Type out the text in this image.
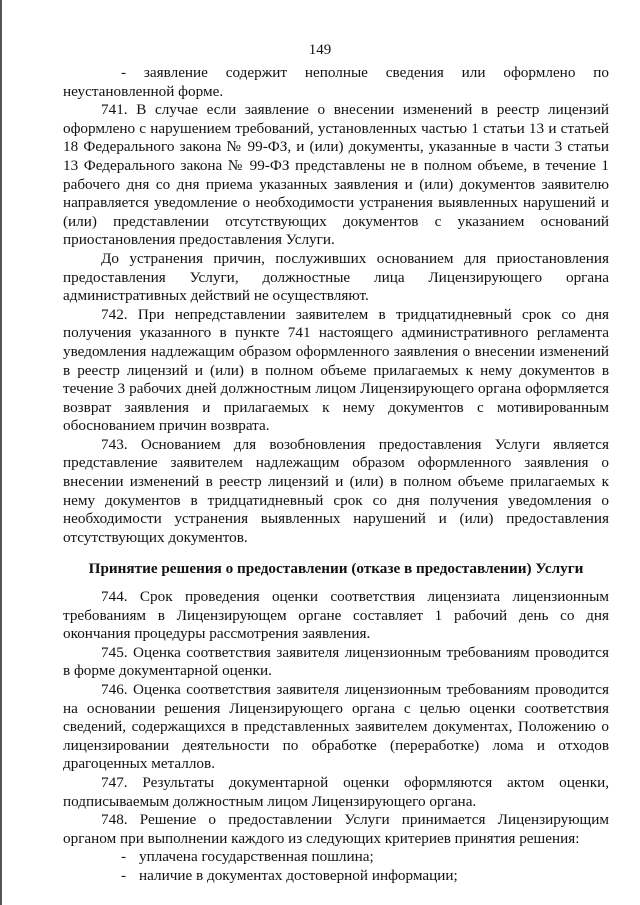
149

- заявление содержит неполные сведения или оформлено по неустановленной форме.

741. В случае если заявление о внесении изменений в реестр лицензий оформлено с нарушением требований, установленных частью 1 статьи 13 и статьей 18 Федерального закона № 99-ФЗ, и (или) документы, указанные в части 3 статьи 13 Федерального закона № 99-ФЗ представлены не в полном объеме, в течение 1 рабочего дня со дня приема указанных заявления и (или) документов заявителю направляется уведомление о необходимости устранения выявленных нарушений и (или) представлении отсутствующих документов с указанием оснований приостановления предоставления Услуги.

До устранения причин, послуживших основанием для приостановления предоставления Услуги, должностные лица Лицензирующего органа административных действий не осуществляют.

742. При непредставлении заявителем в тридцатидневный срок со дня получения указанного в пункте 741 настоящего административного регламента уведомления надлежащим образом оформленного заявления о внесении изменений в реестр лицензий и (или) в полном объеме прилагаемых к нему документов в течение 3 рабочих дней должностным лицом Лицензирующего органа оформляется возврат заявления и прилагаемых к нему документов с мотивированным обоснованием причин возврата.

743. Основанием для возобновления предоставления Услуги является представление заявителем надлежащим образом оформленного заявления о внесении изменений в реестр лицензий и (или) в полном объеме прилагаемых к нему документов в тридцатидневный срок со дня получения уведомления о необходимости устранения выявленных нарушений и (или) предоставления отсутствующих документов.

Принятие решения о предоставлении (отказе в предоставлении) Услуги

744. Срок проведения оценки соответствия лицензиата лицензионным требованиям в Лицензирующем органе составляет 1 рабочий день со дня окончания процедуры рассмотрения заявления.

745. Оценка соответствия заявителя лицензионным требованиям проводится в форме документарной оценки.

746. Оценка соответствия заявителя лицензионным требованиям проводится на основании решения Лицензирующего органа с целью оценки соответствия сведений, содержащихся в представленных заявителем документах, Положению о лицензировании деятельности по обработке (переработке) лома и отходов драгоценных металлов.

747. Результаты документарной оценки оформляются актом оценки, подписываемым должностным лицом Лицензирующего органа.

748. Решение о предоставлении Услуги принимается Лицензирующим органом при выполнении каждого из следующих критериев принятия решения:

- уплачена государственная пошлина;
- наличие в документах достоверной информации;
